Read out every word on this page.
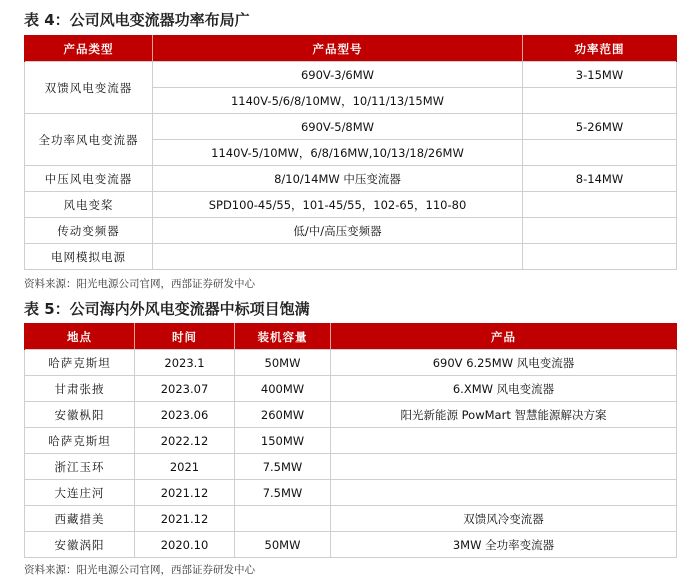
表 4：公司风电变流器功率布局广
产品类型	产品型号	功率范围
双馈风电变流器	690V-3/6MW	3-15MW
	1140V-5/6/8/10MW，10/11/13/15MW	
全功率风电变流器	690V-5/8MW	5-26MW
	1140V-5/10MW，6/8/16MW,10/13/18/26MW	
中压风电变流器	8/10/14MW 中压变流器	8-14MW
风电变桨	SPD100-45/55，101-45/55，102-65，110-80	
传动变频器	低/中/高压变频器	
电网模拟电源		
资料来源：阳光电源公司官网，西部证券研发中心
表 5：公司海内外风电变流器中标项目饱满
地点	时间	装机容量	产品
哈萨克斯坦	2023.1	50MW	690V 6.25MW 风电变流器
甘肃张掖	2023.07	400MW	6.XMW 风电变流器
安徽枞阳	2023.06	260MW	阳光新能源 PowMart 智慧能源解决方案
哈萨克斯坦	2022.12	150MW	
浙江玉环	2021	7.5MW	
大连庄河	2021.12	7.5MW	
西藏措美	2021.12		双馈风冷变流器
安徽涡阳	2020.10	50MW	3MW 全功率变流器
资料来源：阳光电源公司官网，西部证券研发中心
